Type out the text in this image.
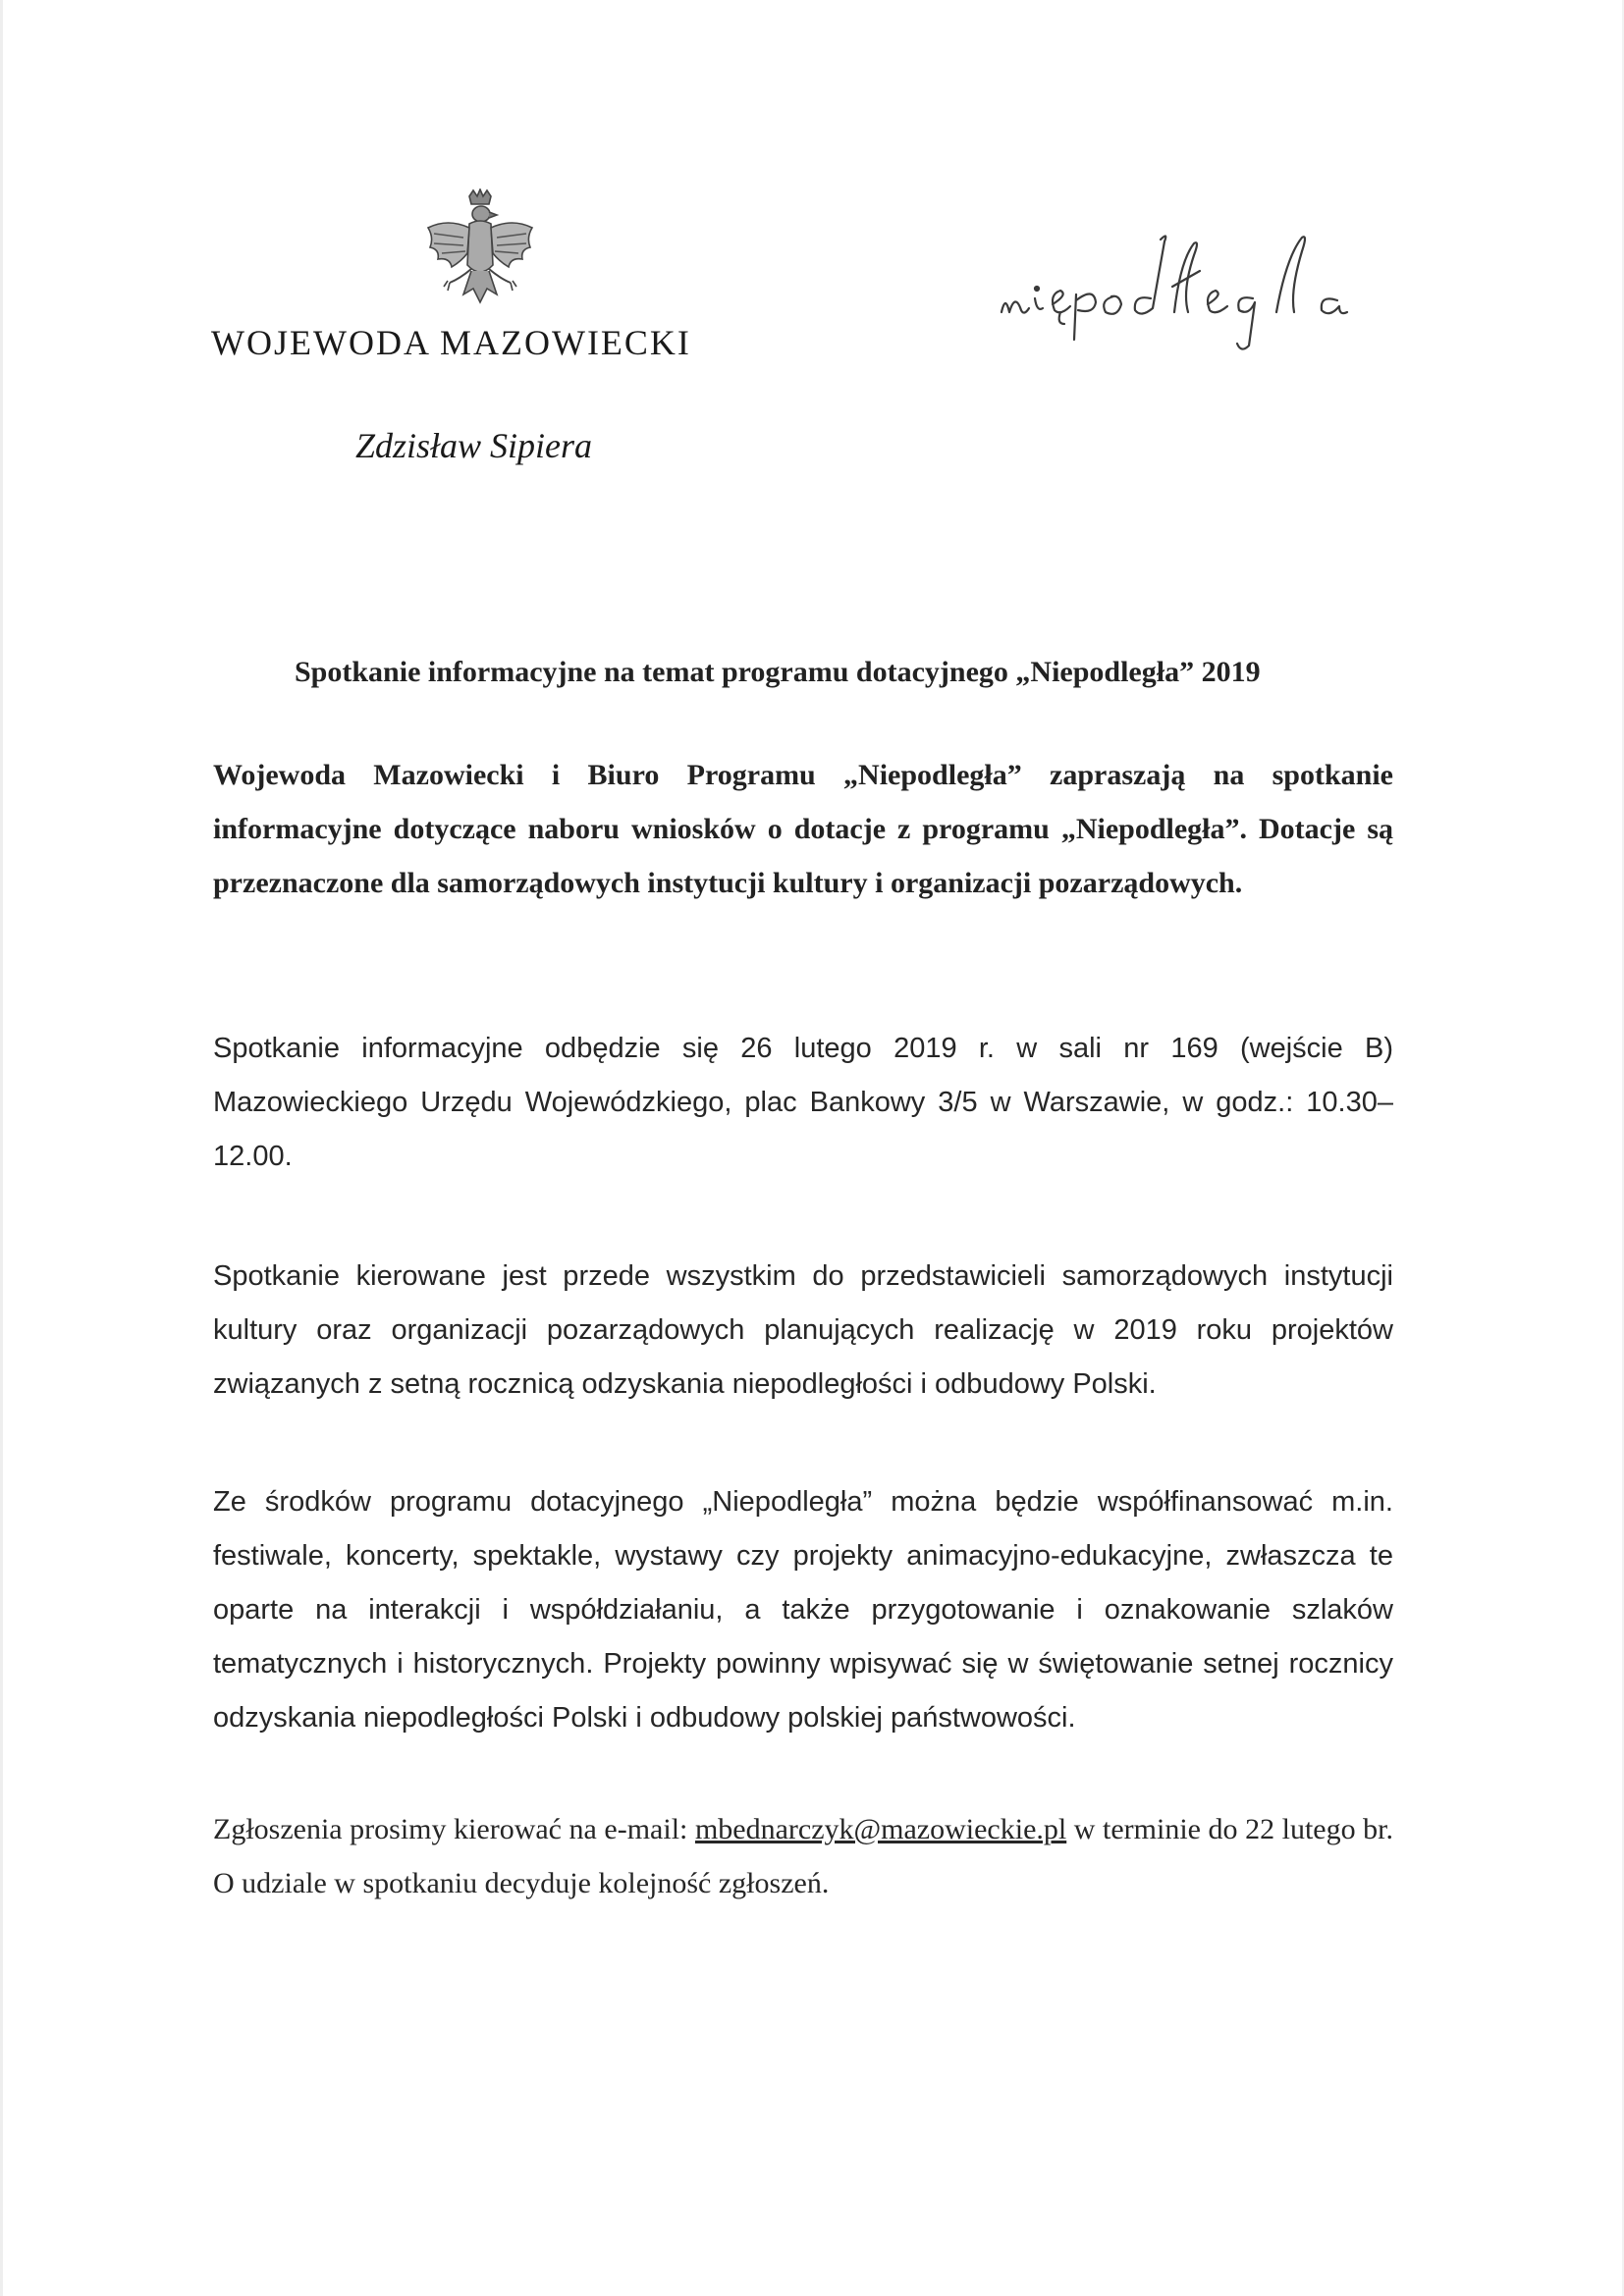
WOJEWODA MAZOWIECKI
Zdzisław Sipiera
Spotkanie informacyjne na temat programu dotacyjnego „Niepodległa” 2019

Wojewoda Mazowiecki i Biuro Programu „Niepodległa” zapraszają na spotkanie informacyjne dotyczące naboru wniosków o dotacje z programu „Niepodległa”. Dotacje są przeznaczone dla samorządowych instytucji kultury i organizacji pozarządowych.

Spotkanie informacyjne odbędzie się 26 lutego 2019 r. w sali nr 169 (wejście B) Mazowieckiego Urzędu Wojewódzkiego, plac Bankowy 3/5 w Warszawie, w godz.: 10.30–12.00.

Spotkanie kierowane jest przede wszystkim do przedstawicieli samorządowych instytucji kultury oraz organizacji pozarządowych planujących realizację w 2019 roku projektów związanych z setną rocznicą odzyskania niepodległości i odbudowy Polski.

Ze środków programu dotacyjnego „Niepodległa” można będzie współfinansować m.in. festiwale, koncerty, spektakle, wystawy czy projekty animacyjno-edukacyjne, zwłaszcza te oparte na interakcji i współdziałaniu, a także przygotowanie i oznakowanie szlaków tematycznych i historycznych. Projekty powinny wpisywać się w świętowanie setnej rocznicy odzyskania niepodległości Polski i odbudowy polskiej państwowości.

Zgłoszenia prosimy kierować na e-mail: mbednarczyk@mazowieckie.pl w terminie do 22 lutego br. O udziale w spotkaniu decyduje kolejność zgłoszeń.
